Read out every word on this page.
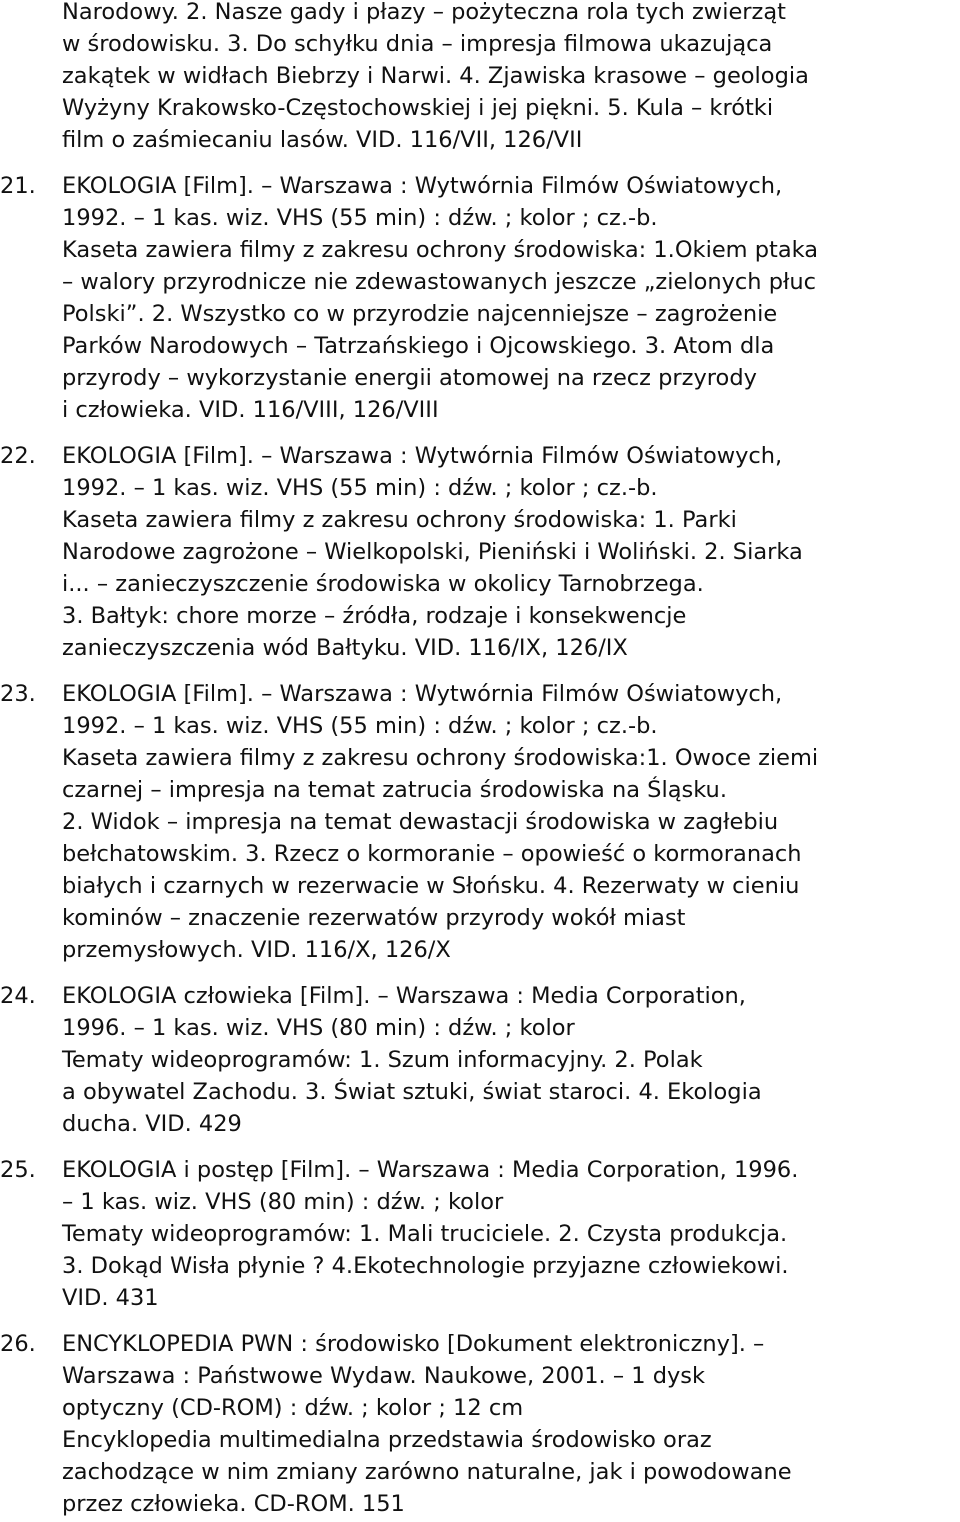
Narodowy. 2. Nasze gady i płazy – pożyteczna rola tych zwierząt
w środowisku. 3. Do schyłku dnia – impresja filmowa ukazująca
zakątek w widłach Biebrzy i Narwi. 4. Zjawiska krasowe – geologia
Wyżyny Krakowsko-Częstochowskiej i jej piękni. 5. Kula – krótki
film o zaśmiecaniu lasów. VID. 116/VII, 126/VII
21. EKOLOGIA [Film]. – Warszawa : Wytwórnia Filmów Oświatowych,
1992. – 1 kas. wiz. VHS (55 min) : dźw. ; kolor ; cz.-b.
Kaseta zawiera filmy z zakresu ochrony środowiska: 1.Okiem ptaka
– walory przyrodnicze nie zdewastowanych jeszcze „zielonych płuc
Polski”. 2. Wszystko co w przyrodzie najcenniejsze – zagrożenie
Parków Narodowych – Tatrzańskiego i Ojcowskiego. 3. Atom dla
przyrody – wykorzystanie energii atomowej na rzecz przyrody
i człowieka. VID. 116/VIII, 126/VIII
22. EKOLOGIA [Film]. – Warszawa : Wytwórnia Filmów Oświatowych,
1992. – 1 kas. wiz. VHS (55 min) : dźw. ; kolor ; cz.-b.
Kaseta zawiera filmy z zakresu ochrony środowiska: 1. Parki
Narodowe zagrożone – Wielkopolski, Pieniński i Woliński. 2. Siarka
i... – zanieczyszczenie środowiska w okolicy Tarnobrzega.
3. Bałtyk: chore morze – źródła, rodzaje i konsekwencje
zanieczyszczenia wód Bałtyku. VID. 116/IX, 126/IX
23. EKOLOGIA [Film]. – Warszawa : Wytwórnia Filmów Oświatowych,
1992. – 1 kas. wiz. VHS (55 min) : dźw. ; kolor ; cz.-b.
Kaseta zawiera filmy z zakresu ochrony środowiska:1. Owoce ziemi
czarnej – impresja na temat zatrucia środowiska na Śląsku.
2. Widok – impresja na temat dewastacji środowiska w zagłebiu
bełchatowskim. 3. Rzecz o kormoranie – opowieść o kormoranach
białych i czarnych w rezerwacie w Słońsku. 4. Rezerwaty w cieniu
kominów – znaczenie rezerwatów przyrody wokół miast
przemysłowych. VID. 116/X, 126/X
24. EKOLOGIA człowieka [Film]. – Warszawa : Media Corporation,
1996. – 1 kas. wiz. VHS (80 min) : dźw. ; kolor
Tematy wideoprogramów: 1. Szum informacyjny. 2. Polak
a obywatel Zachodu. 3. Świat sztuki, świat staroci. 4. Ekologia
ducha. VID. 429
25. EKOLOGIA i postęp [Film]. – Warszawa : Media Corporation, 1996.
– 1 kas. wiz. VHS (80 min) : dźw. ; kolor
Tematy wideoprogramów: 1. Mali truciciele. 2. Czysta produkcja.
3. Dokąd Wisła płynie ? 4.Ekotechnologie przyjazne człowiekowi.
VID. 431
26. ENCYKLOPEDIA PWN : środowisko [Dokument elektroniczny]. –
Warszawa : Państwowe Wydaw. Naukowe, 2001. – 1 dysk
optyczny (CD-ROM) : dźw. ; kolor ; 12 cm
Encyklopedia multimedialna przedstawia środowisko oraz
zachodzące w nim zmiany zarówno naturalne, jak i powodowane
przez człowieka. CD-ROM. 151
